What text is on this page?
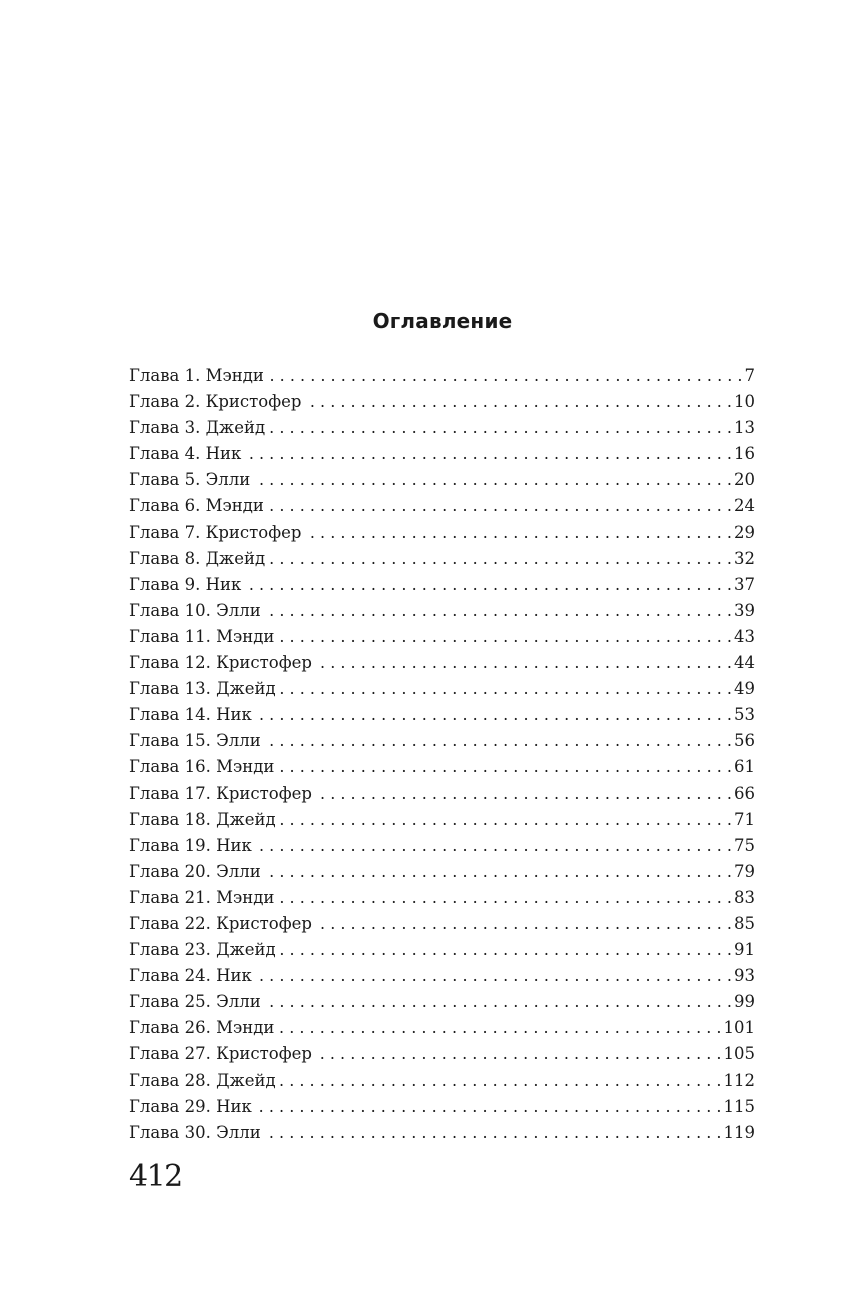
Оглавление
Глава 1. Мэнди . . .	7
Глава 2. Кристофер . . .	10
Глава 3. Джейд . . .	13
Глава 4. Ник . . .	16
Глава 5. Элли . . .	20
Глава 6. Мэнди . . .	24
Глава 7. Кристофер . . .	29
Глава 8. Джейд . . .	32
Глава 9. Ник . . .	37
Глава 10. Элли . . .	39
Глава 11. Мэнди . . .	43
Глава 12. Кристофер . . .	44
Глава 13. Джейд . . .	49
Глава 14. Ник . . .	53
Глава 15. Элли . . .	56
Глава 16. Мэнди . . .	61
Глава 17. Кристофер . . .	66
Глава 18. Джейд . . .	71
Глава 19. Ник . . .	75
Глава 20. Элли . . .	79
Глава 21. Мэнди . . .	83
Глава 22. Кристофер . . .	85
Глава 23. Джейд . . .	91
Глава 24. Ник . . .	93
Глава 25. Элли . . .	99
Глава 26. Мэнди . . .	101
Глава 27. Кристофер . . .	105
Глава 28. Джейд . . .	112
Глава 29. Ник . . .	115
Глава 30. Элли . . .	119
412
